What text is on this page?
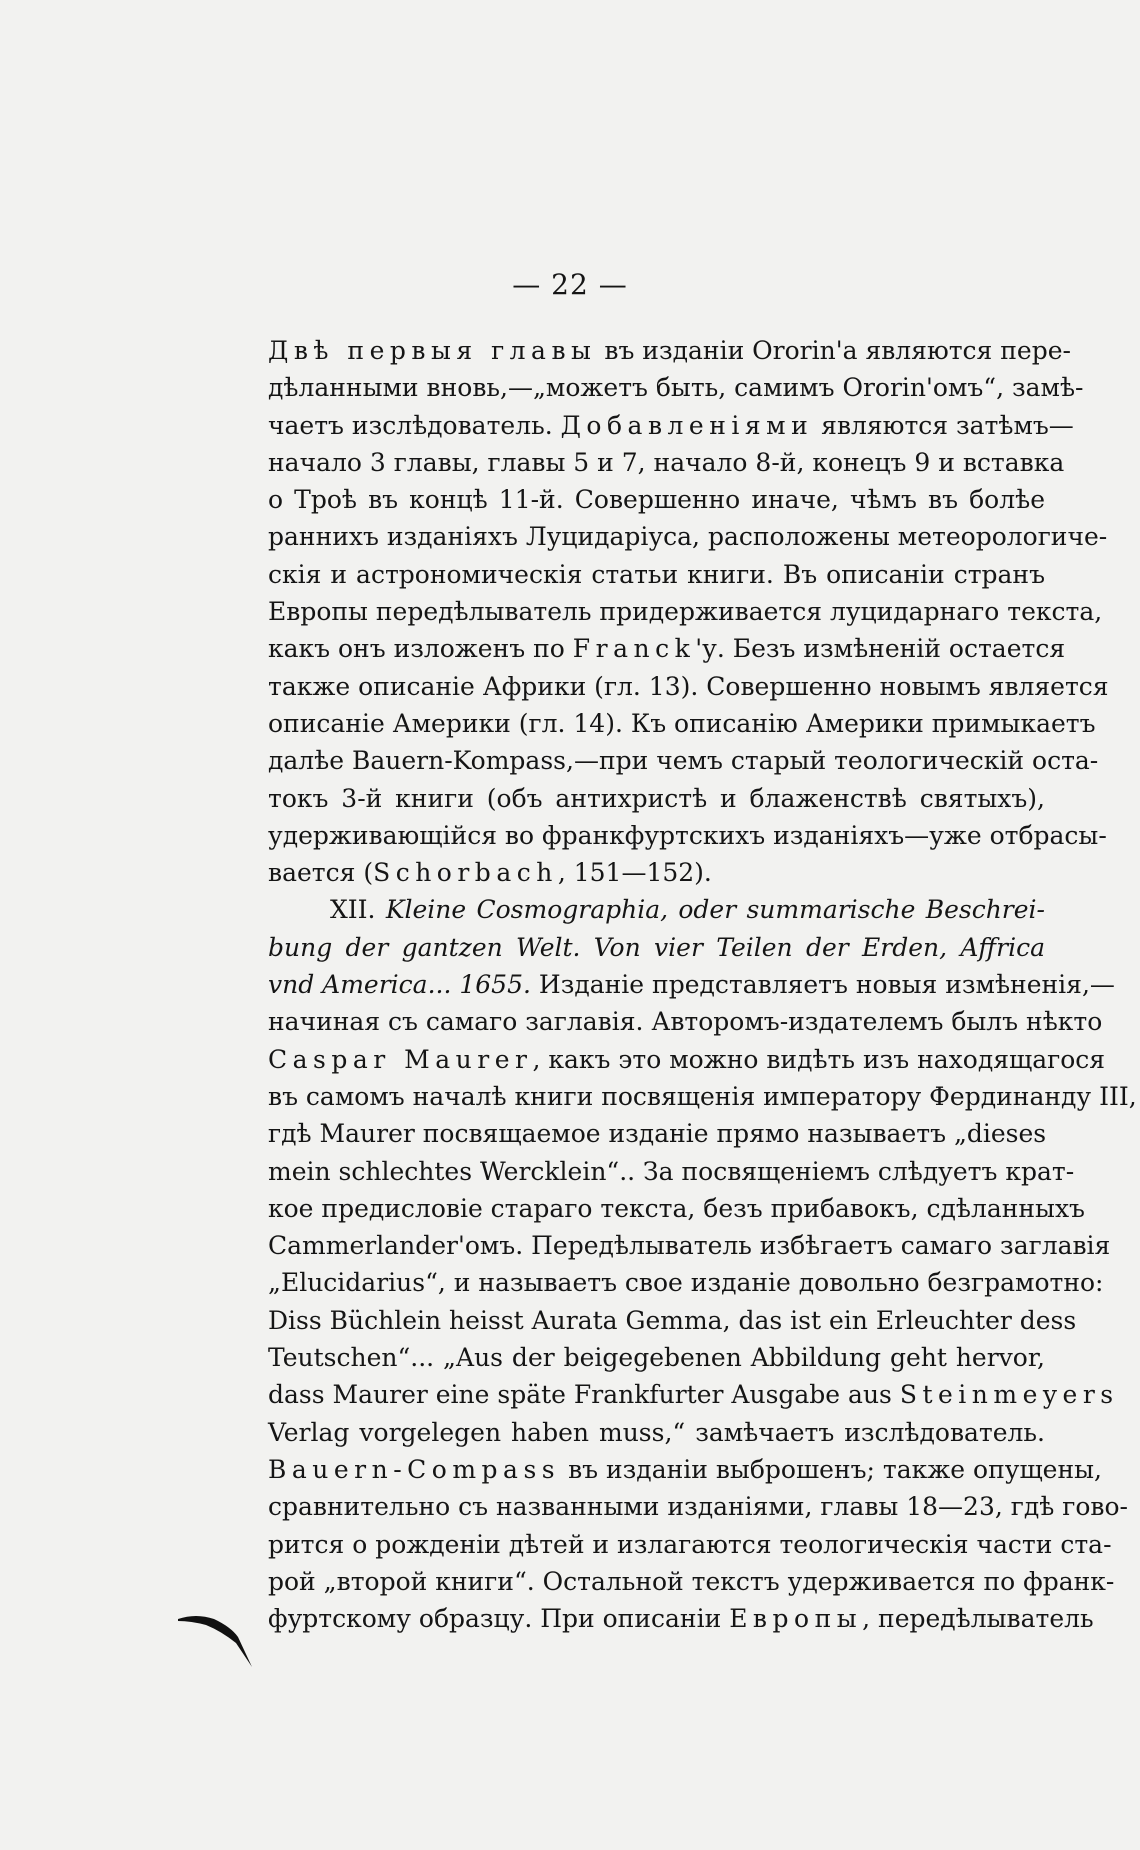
— 22 —
Двѣ первыя главы въ изданіи Ororin'а являются пере-
дѣланными вновь,—„можетъ быть, самимъ Ororin'омъ“, замѣ-
чаетъ изслѣдователь. Добавленіями являются затѣмъ—
начало 3 главы, главы 5 и 7, начало 8-й, конецъ 9 и вставка
о Троѣ въ концѣ 11-й. Совершенно иначе, чѣмъ въ болѣе
раннихъ изданіяхъ Луцидаріуса, расположены метеорологиче-
скія и астрономическія статьи книги. Въ описаніи странъ
Европы передѣлыватель придерживается луцидарнаго текста,
какъ онъ изложенъ по Franck'у. Безъ измѣненій остается
также описаніе Африки (гл. 13). Совершенно новымъ является
описаніе Америки (гл. 14). Къ описанію Америки примыкаетъ
далѣе Bauern-Kompass,—при чемъ старый теологическій оста-
токъ 3-й книги (объ антихристѣ и блаженствѣ святыхъ),
удерживающійся во франкфуртскихъ изданіяхъ—уже отбрасы-
вается (Schorbach, 151—152).
XII. Kleine Cosmographia, oder summarische Beschrei-
bung der gantzen Welt. Von vier Teilen der Erden, Affrica
vnd America... 1655. Изданіе представляетъ новыя измѣненія,—
начиная съ самаго заглавія. Авторомъ-издателемъ былъ нѣкто
Caspar Maurer, какъ это можно видѣть изъ находящагося
въ самомъ началѣ книги посвященія императору Фердинанду III,
гдѣ Maurer посвящаемое изданіе прямо называетъ „dieses
mein schlechtes Wercklein“.. За посвященіемъ слѣдуетъ крат-
кое предисловіе стараго текста, безъ прибавокъ, сдѣланныхъ
Cammerlander'омъ. Передѣлыватель избѣгаетъ самаго заглавія
„Elucidarius“, и называетъ свое изданіе довольно безграмотно:
Diss Büchlein heisst Aurata Gemma, das ist ein Erleuchter dess
Teutschen“... „Aus der beigegebenen Abbildung geht hervor,
dass Maurer eine späte Frankfurter Ausgabe aus Steinmeyers
Verlag vorgelegen haben muss,“ замѣчаетъ изслѣдователь.
Bauern-Compass въ изданіи выброшенъ; также опущены,
сравнительно съ названными изданіями, главы 18—23, гдѣ гово-
рится о рожденіи дѣтей и излагаются теологическія части ста-
рой „второй книги“. Остальной текстъ удерживается по франк-
фуртскому образцу. При описаніи Европы, передѣлыватель
